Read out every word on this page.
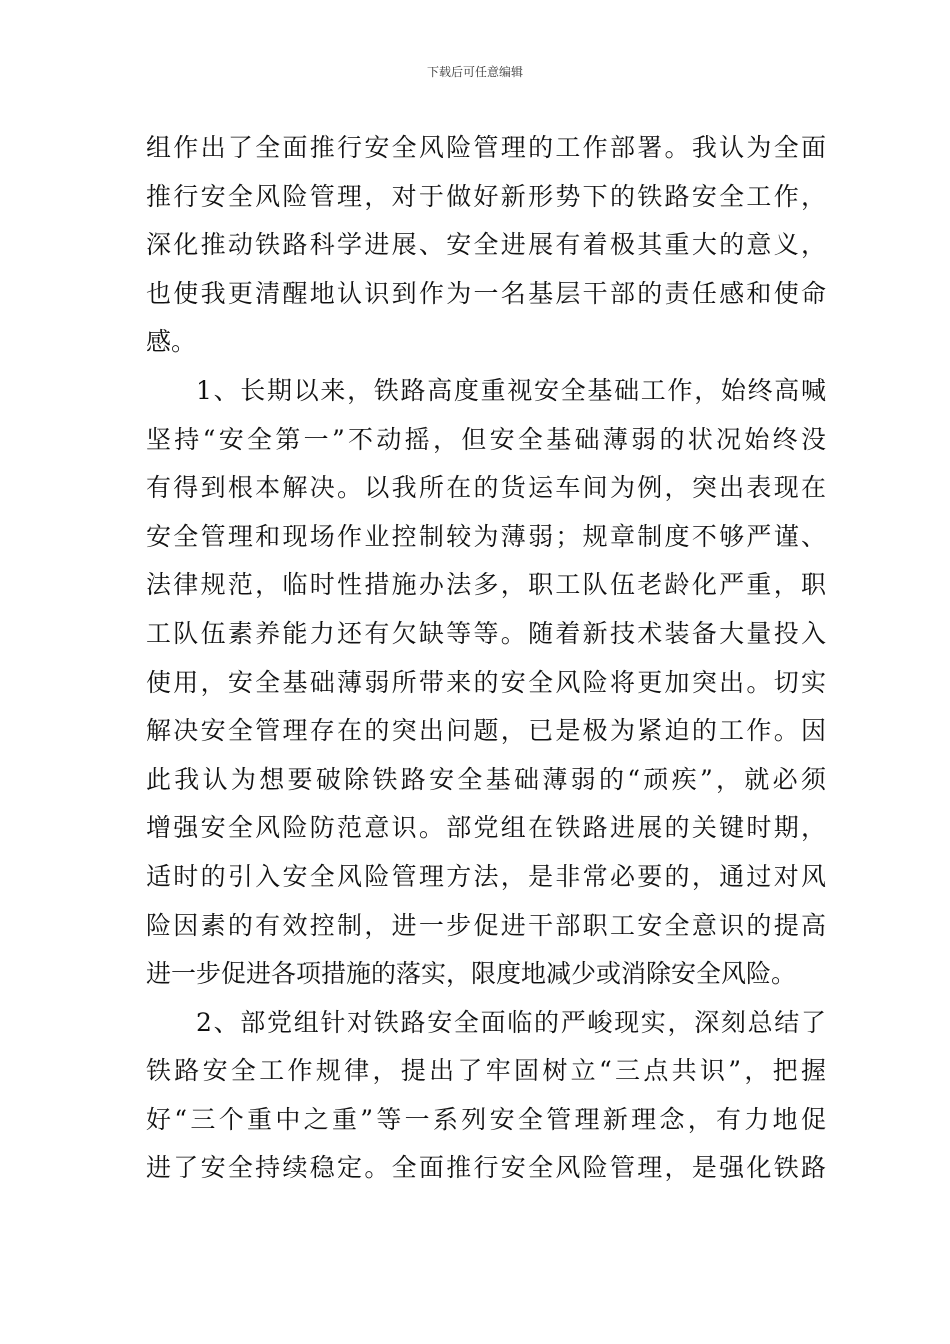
下载后可任意编辑
组作出了全面推行安全风险管理的工作部署。我认为全面
推行安全风险管理，对于做好新形势下的铁路安全工作，
深化推动铁路科学进展、安全进展有着极其重大的意义，
也使我更清醒地认识到作为一名基层干部的责任感和使命
感。
1、长期以来，铁路高度重视安全基础工作，始终高喊
坚持“安全第一”不动摇，但安全基础薄弱的状况始终没
有得到根本解决。以我所在的货运车间为例，突出表现在
安全管理和现场作业控制较为薄弱；规章制度不够严谨、
法律规范，临时性措施办法多，职工队伍老龄化严重，职
工队伍素养能力还有欠缺等等。随着新技术装备大量投入
使用，安全基础薄弱所带来的安全风险将更加突出。切实
解决安全管理存在的突出问题，已是极为紧迫的工作。因
此我认为想要破除铁路安全基础薄弱的“顽疾”，就必须
增强安全风险防范意识。部党组在铁路进展的关键时期，
适时的引入安全风险管理方法，是非常必要的，通过对风
险因素的有效控制，进一步促进干部职工安全意识的提高
进一步促进各项措施的落实，限度地减少或消除安全风险。
2、部党组针对铁路安全面临的严峻现实，深刻总结了
铁路安全工作规律，提出了牢固树立“三点共识”，把握
好“三个重中之重”等一系列安全管理新理念，有力地促
进了安全持续稳定。全面推行安全风险管理，是强化铁路
